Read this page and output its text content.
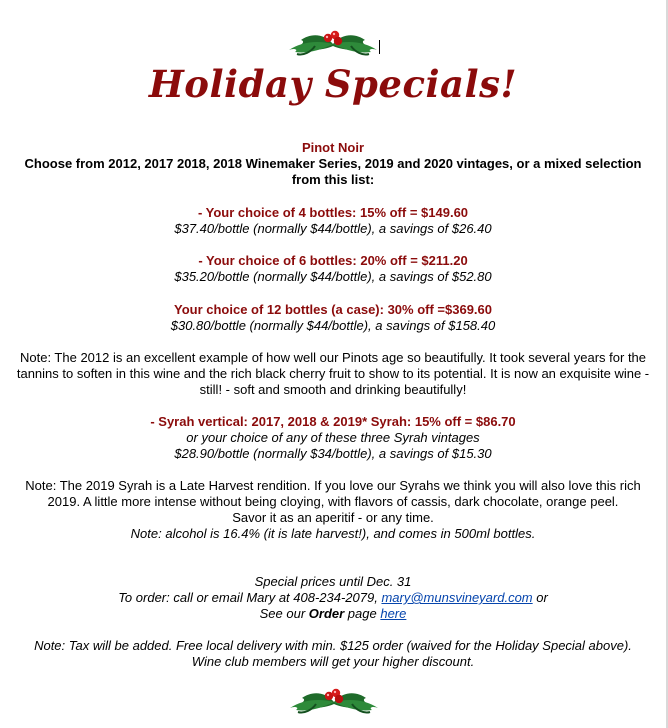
Holiday Specials!
Pinot Noir
Choose from 2012, 2017 2018, 2018 Winemaker Series, 2019 and 2020 vintages, or a mixed selection
from this list:
- Your choice of 4 bottles: 15% off = $149.60
$37.40/bottle (normally $44/bottle), a savings of $26.40
- Your choice of 6 bottles: 20% off = $211.20
$35.20/bottle (normally $44/bottle), a savings of $52.80
Your choice of 12 bottles (a case): 30% off =$369.60
$30.80/bottle (normally $44/bottle), a savings of $158.40
Note: The 2012 is an excellent example of how well our Pinots age so beautifully. It took several years for the
tannins to soften in this wine and the rich black cherry fruit to show to its potential. It is now an exquisite wine -
still! - soft and smooth and drinking beautifully!
- Syrah vertical: 2017, 2018 & 2019* Syrah: 15% off = $86.70
or your choice of any of these three Syrah vintages
$28.90/bottle (normally $34/bottle), a savings of $15.30
Note: The 2019 Syrah is a Late Harvest rendition. If you love our Syrahs we think you will also love this rich
2019. A little more intense without being cloying, with flavors of cassis, dark chocolate, orange peel.
Savor it as an aperitif - or any time.
Note: alcohol is 16.4% (it is late harvest!), and comes in 500ml bottles.
Special prices until Dec. 31
To order: call or email Mary at 408-234-2079, mary@munsvineyard.com or
See our Order page here
Note: Tax will be added. Free local delivery with min. $125 order (waived for the Holiday Special above).
Wine club members will get your higher discount.
